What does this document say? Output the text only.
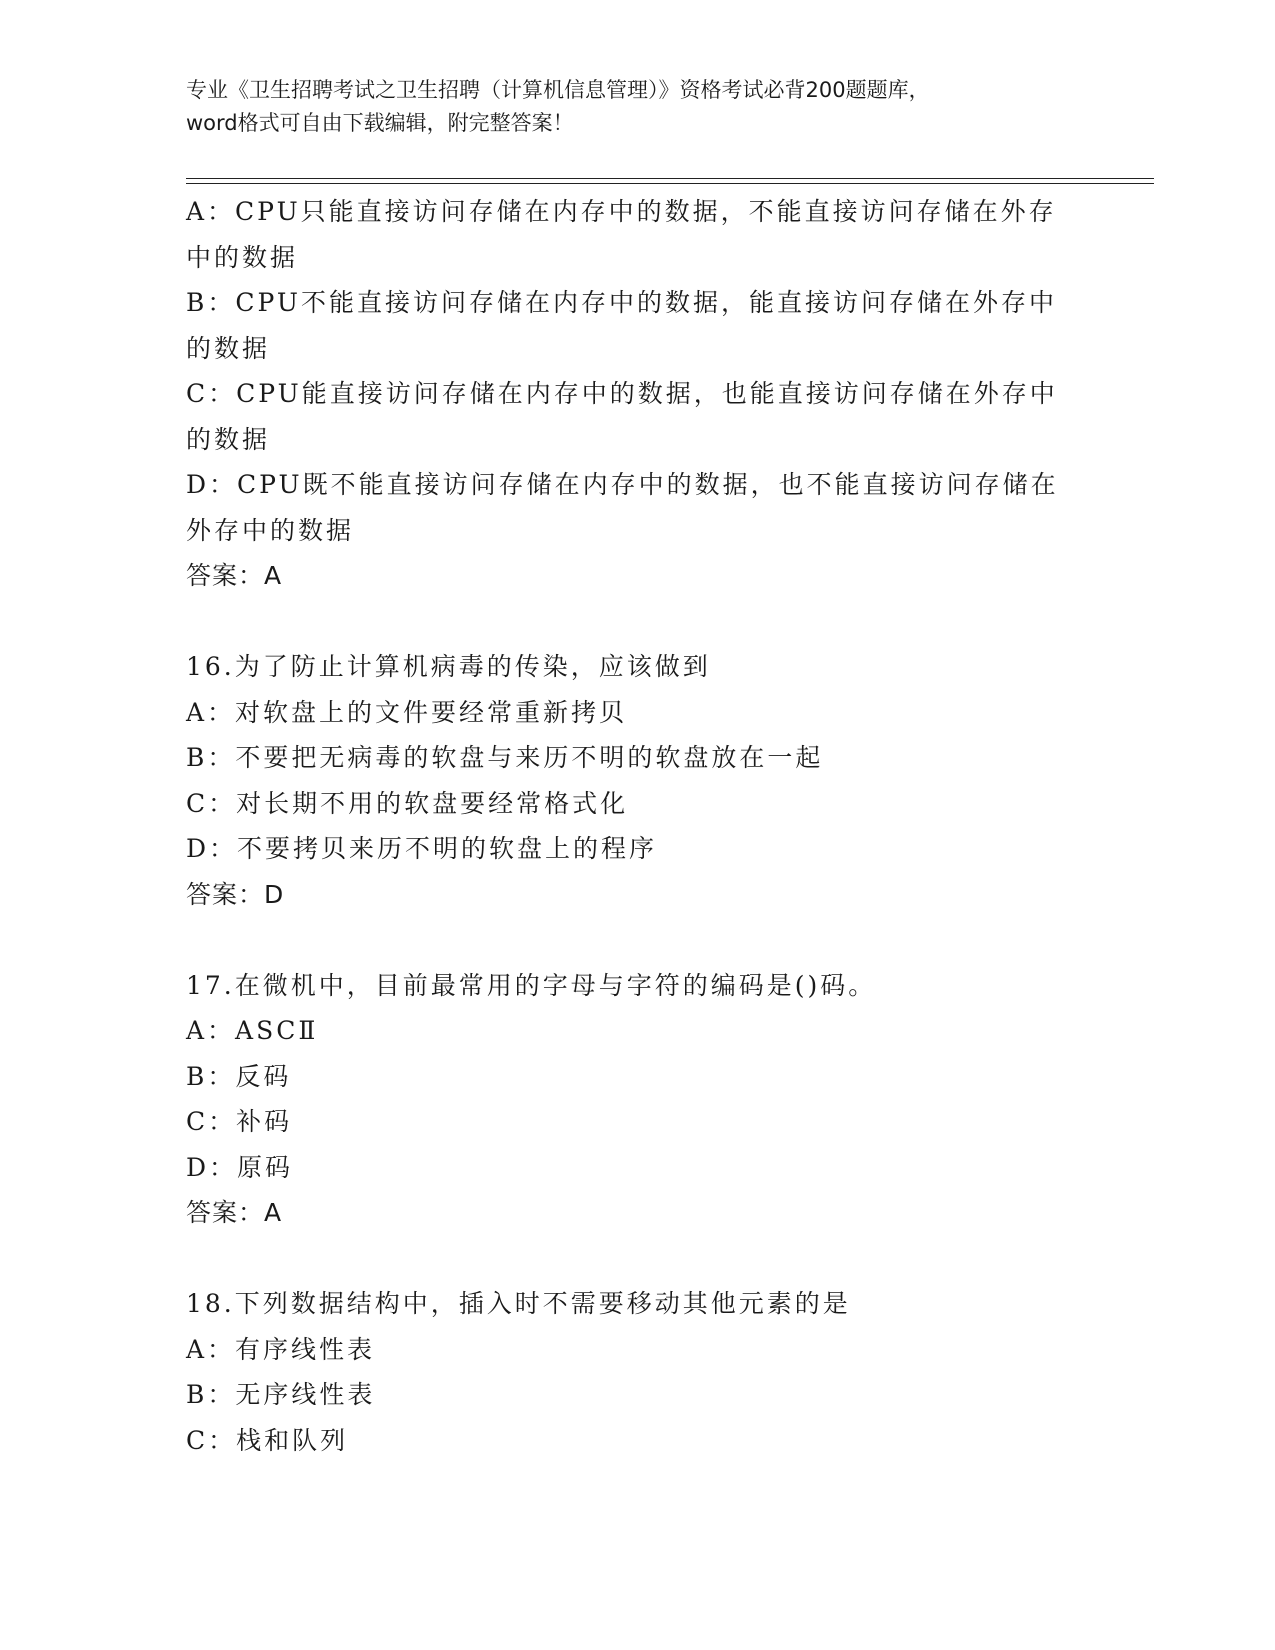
专业《卫生招聘考试之卫生招聘（计算机信息管理）》资格考试必背200题题库，
word格式可自由下载编辑，附完整答案！
A：CPU只能直接访问存储在内存中的数据，不能直接访问存储在外存
中的数据
B：CPU不能直接访问存储在内存中的数据，能直接访问存储在外存中
的数据
C：CPU能直接访问存储在内存中的数据，也能直接访问存储在外存中
的数据
D：CPU既不能直接访问存储在内存中的数据，也不能直接访问存储在
外存中的数据
答案：A
16.为了防止计算机病毒的传染，应该做到
A：对软盘上的文件要经常重新拷贝
B：不要把无病毒的软盘与来历不明的软盘放在一起
C：对长期不用的软盘要经常格式化
D：不要拷贝来历不明的软盘上的程序
答案：D
17.在微机中，目前最常用的字母与字符的编码是()码。
A：ASCⅡ
B：反码
C：补码
D：原码
答案：A
18.下列数据结构中，插入时不需要移动其他元素的是
A：有序线性表
B：无序线性表
C：栈和队列
